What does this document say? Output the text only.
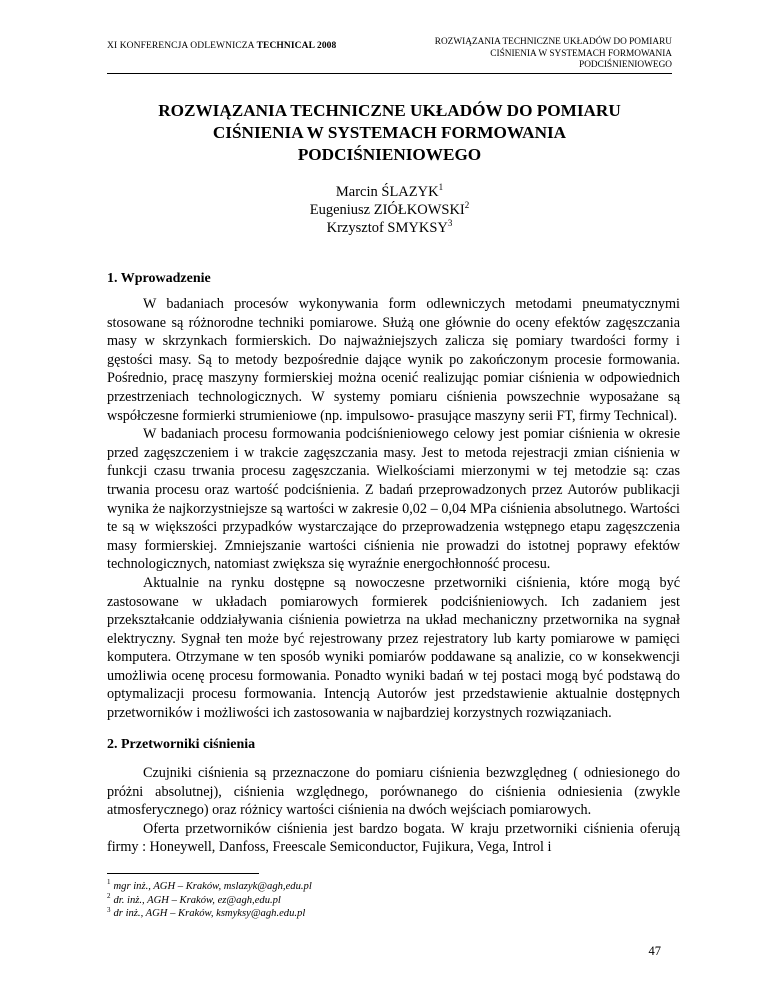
XI KONFERENCJA ODLEWNICZA TECHNICAL 2008	ROZWIĄZANIA TECHNICZNE UKŁADÓW DO POMIARU
CIŚNIENIA W SYSTEMACH FORMOWANIA
PODCIŚNIENIOWEGO
ROZWIĄZANIA TECHNICZNE UKŁADÓW DO POMIARU
CIŚNIENIA W SYSTEMACH FORMOWANIA
PODCIŚNIENIOWEGO
Marcin ŚLAZYK$^1$
Eugeniusz ZIÓŁKOWSKI$^2$
Krzysztof SMYKSY$^3$
1. Wprowadzenie

W badaniach procesów wykonywania form odlewniczych metodami pneumatycznymi stosowane są różnorodne techniki pomiarowe. Służą one głównie do oceny efektów zagęszczania masy w skrzynkach formierskich. Do najważniejszych zalicza się pomiary twardości formy i gęstości masy. Są to metody bezpośrednie dające wynik po zakończonym procesie formowania. Pośrednio, pracę maszyny formierskiej można ocenić realizując pomiar ciśnienia w odpowiednich przestrzeniach technologicznych. W systemy pomiaru ciśnienia powszechnie wyposażane są współczesne formierki strumieniowe (np. impulsowo- prasujące maszyny serii FT, firmy Technical).

W badaniach procesu formowania podciśnieniowego celowy jest pomiar ciśnienia w okresie przed zagęszczeniem i w trakcie zagęszczania masy. Jest to metoda rejestracji zmian ciśnienia w funkcji czasu trwania procesu zagęszczania. Wielkościami mierzonymi w tej metodzie są: czas trwania procesu oraz wartość podciśnienia. Z badań przeprowadzonych przez Autorów publikacji wynika że najkorzystniejsze są wartości w zakresie 0,02 – 0,04 MPa ciśnienia absolutnego. Wartości te są w większości przypadków wystarczające do przeprowadzenia wstępnego etapu zagęszczenia masy formierskiej. Zmniejszanie wartości ciśnienia nie prowadzi do istotnej poprawy efektów technologicznych, natomiast zwiększa się wyraźnie energochłonność procesu.

Aktualnie na rynku dostępne są nowoczesne przetworniki ciśnienia, które mogą być zastosowane w układach pomiarowych formierek podciśnieniowych. Ich zadaniem jest przekształcanie oddziaływania ciśnienia powietrza na układ mechaniczny przetwornika na sygnał elektryczny. Sygnał ten może być rejestrowany przez rejestratory lub karty pomiarowe w pamięci komputera. Otrzymane w ten sposób wyniki pomiarów poddawane są analizie, co w konsekwencji umożliwia ocenę procesu formowania. Ponadto wyniki badań w tej postaci mogą być podstawą do optymalizacji procesu formowania. Intencją Autorów jest przedstawienie aktualnie dostępnych przetworników i możliwości ich zastosowania w najbardziej korzystnych rozwiązaniach.

2. Przetworniki ciśnienia

Czujniki ciśnienia są przeznaczone do pomiaru ciśnienia bezwzględneg ( odniesionego do próżni absolutnej), ciśnienia względnego, porównanego do ciśnienia odniesienia (zwykle atmosferycznego) oraz różnicy wartości ciśnienia na dwóch wejściach pomiarowych.

Oferta przetworników ciśnienia jest bardzo bogata. W kraju przetworniki ciśnienia oferują firmy : Honeywell, Danfoss, Freescale Semiconductor, Fujikura, Vega, Introl i

$^1$ mgr inż., AGH – Kraków, mslazyk@agh,edu.pl
$^2$ dr. inż., AGH – Kraków, ez@agh,edu.pl
$^3$ dr inż., AGH – Kraków, ksmyksy@agh.edu.pl
47
